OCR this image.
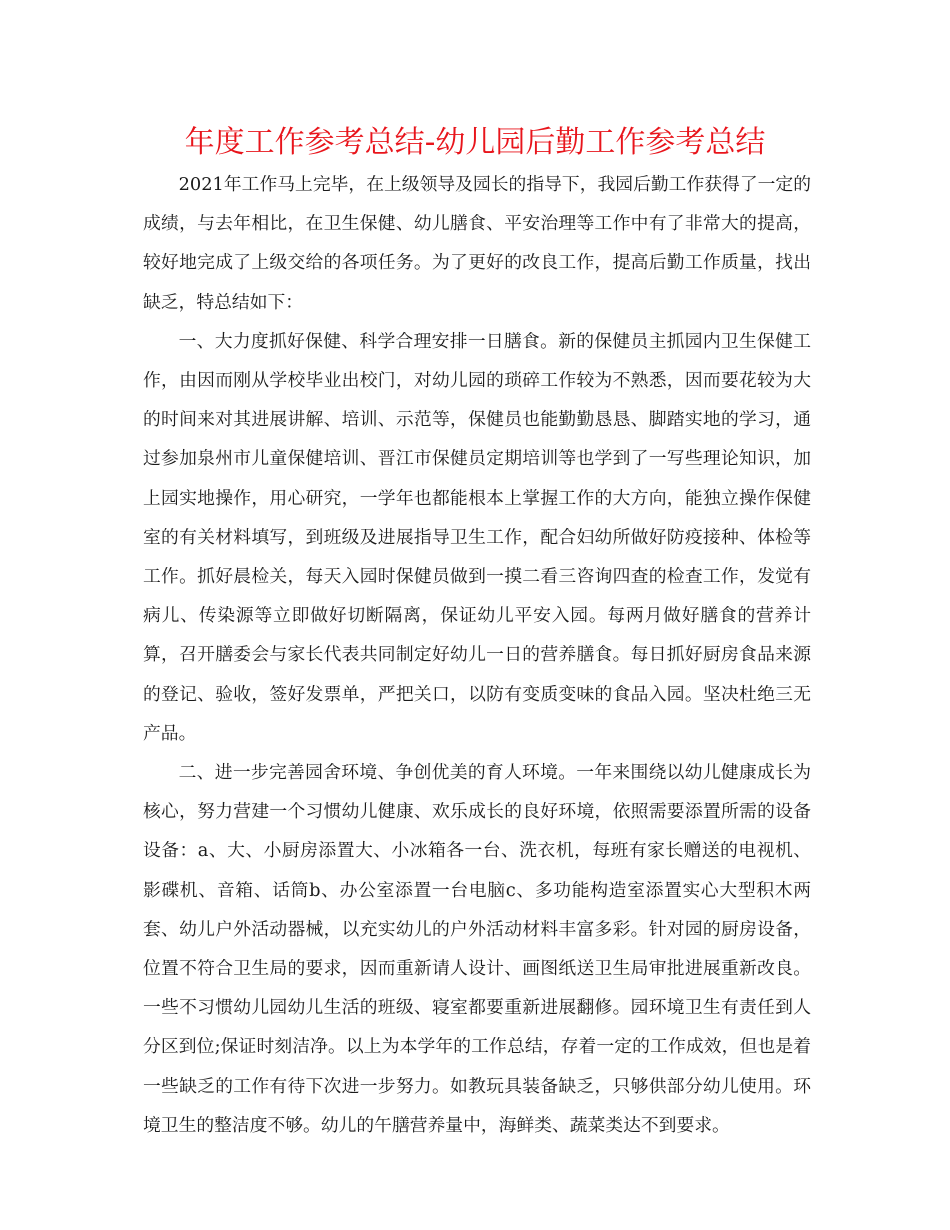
年度工作参考总结-幼儿园后勤工作参考总结

2021年工作马上完毕，在上级领导及园长的指导下，我园后勤工作获得了一定的成绩，与去年相比，在卫生保健、幼儿膳食、平安治理等工作中有了非常大的提高，较好地完成了上级交给的各项任务。为了更好的改良工作，提高后勤工作质量，找出缺乏，特总结如下：

一、大力度抓好保健、科学合理安排一日膳食。新的保健员主抓园内卫生保健工作，由因而刚从学校毕业出校门，对幼儿园的琐碎工作较为不熟悉，因而要花较为大的时间来对其进展讲解、培训、示范等，保健员也能勤勤恳恳、脚踏实地的学习，通过参加泉州市儿童保健培训、晋江市保健员定期培训等也学到了一写些理论知识，加上园实地操作，用心研究，一学年也都能根本上掌握工作的大方向，能独立操作保健室的有关材料填写，到班级及进展指导卫生工作，配合妇幼所做好防疫接种、体检等工作。抓好晨检关，每天入园时保健员做到一摸二看三咨询四查的检查工作，发觉有病儿、传染源等立即做好切断隔离，保证幼儿平安入园。每两月做好膳食的营养计算，召开膳委会与家长代表共同制定好幼儿一日的营养膳食。每日抓好厨房食品来源的登记、验收，签好发票单，严把关口，以防有变质变味的食品入园。坚决杜绝三无产品。

二、进一步完善园舍环境、争创优美的育人环境。一年来围绕以幼儿健康成长为核心，努力营建一个习惯幼儿健康、欢乐成长的良好环境，依照需要添置所需的设备设备：a、大、小厨房添置大、小冰箱各一台、洗衣机，每班有家长赠送的电视机、影碟机、音箱、话筒b、办公室添置一台电脑c、多功能构造室添置实心大型积木两套、幼儿户外活动器械，以充实幼儿的户外活动材料丰富多彩。针对园的厨房设备，位置不符合卫生局的要求，因而重新请人设计、画图纸送卫生局审批进展重新改良。一些不习惯幼儿园幼儿生活的班级、寝室都要重新进展翻修。园环境卫生有责任到人分区到位;保证时刻洁净。以上为本学年的工作总结，存着一定的工作成效，但也是着一些缺乏的工作有待下次进一步努力。如教玩具装备缺乏，只够供部分幼儿使用。环境卫生的整洁度不够。幼儿的午膳营养量中，海鲜类、蔬菜类达不到要求。
